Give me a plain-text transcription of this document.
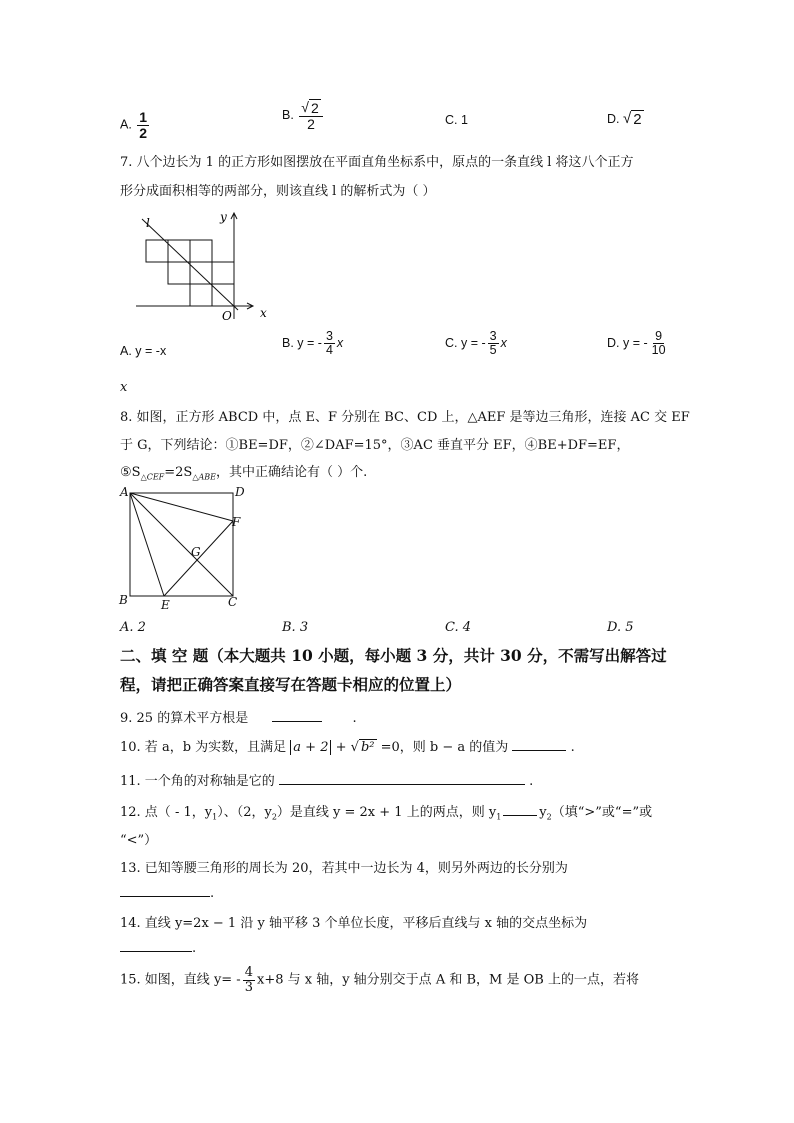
A. $\frac{1}{2}$	B. $\frac{√ 2}{2}$	C. 1	D. √ 2
7. 八个边长为 1 的正方形如图摆放在平面直角坐标系中，原点的一条直线 l 将这八个正方
形分成面积相等的两部分，则该直线 l 的解析式为（ ）
y
l
O x
A. y = -x
B. y = - $\frac{3}{4}$ x	C. y = - $\frac{3}{5}$ x	D. y = - $\frac{9}{10}$
x
8. 如图，正方形 ABCD 中，点 E、F 分别在 BC、CD 上，△AEF 是等边三角形，连接 AC 交 EF
于 G，下列结论：①BE=DF，②∠DAF=15°，③AC 垂直平分 EF，④BE+DF=EF，
$⑤S_{\triangle CEF}=2S_{\triangle ABE}$，其中正确结论有（ ）个.
A	D
F
G
B	E	C
A. 2	B. 3	C. 4	D. 5
二、填 空 题（本大题共 10 小题，每小题 3 分，共计 30 分，不需写出解答过
程，请把正确答案直接写在答题卡相应的位置上）
9. 25 的算术平方根是	.
10. 若 a，b 为实数，且满足 a + 2 + √ b² =0，则 b − a 的值为	.
11. 一个角的对称轴是它的	.
12. 点（ - 1，$y_1$）、（2，$y_2$）是直线 y = 2x + 1 上的两点，则 $y_1$	$y_2$（填“>”或“=”或
“<”）
13. 已知等腰三角形的周长为 20，若其中一边长为 4，则另外两边的长分别为
.
14. 直线 y=2x − 1 沿 y 轴平移 3 个单位长度，平移后直线与 x 轴的交点坐标为
.
15. 如图，直线 $y= - \frac{4}{3} x+8$ 与 x 轴，y 轴分别交于点 A 和 B，M 是 OB 上的一点，若将
